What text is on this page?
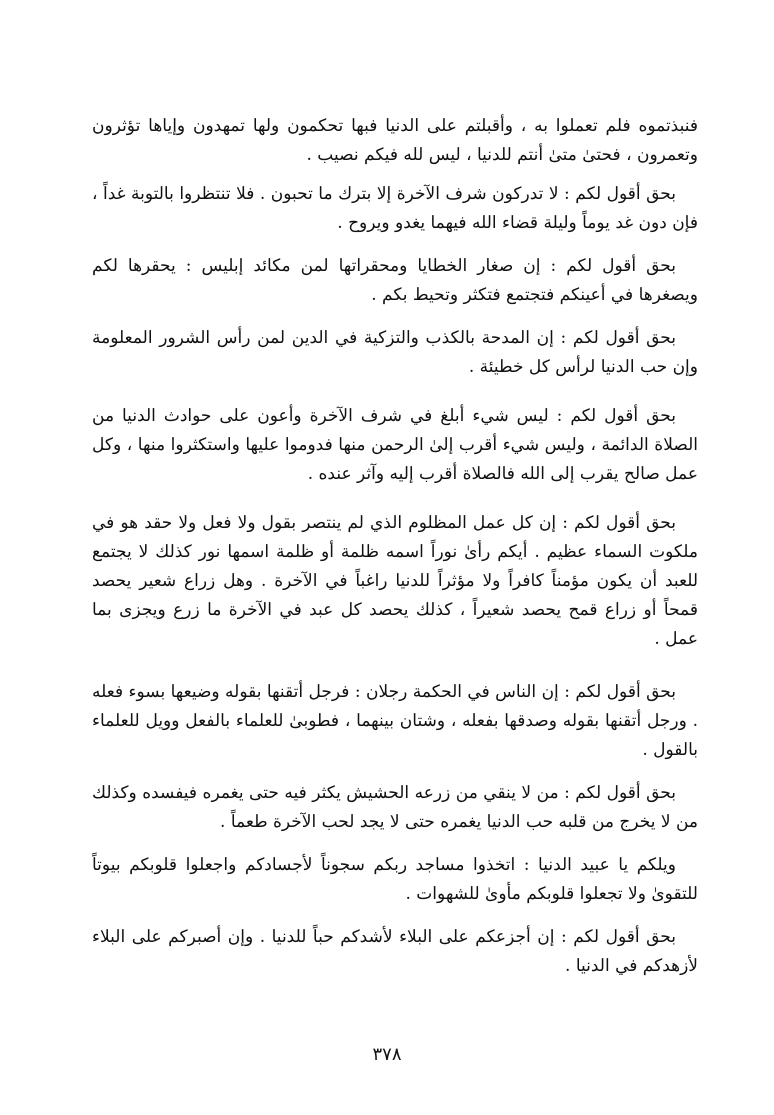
فنبذتموه فلم تعملوا به ، وأقبلتم على الدنيا فبها تحكمون ولها تمهدون وإياها تؤثرون وتعمرون ، فحتىٰ متىٰ أنتم للدنيا ، ليس لله فيكم نصيب .

بحق أقول لكم : لا تدركون شرف الآخرة إلا بترك ما تحبون . فلا تنتظروا بالتوبة غداً ، فإن دون غد يوماً وليلة قضاء الله فيهما يغدو ويروح .

بحق أقول لكم : إن صغار الخطايا ومحقراتها لمن مكائد إبليس : يحقرها لكم ويصغرها في أعينكم فتجتمع فتكثر وتحيط بكم .

بحق أقول لكم : إن المدحة بالكذب والتزكية في الدين لمن رأس الشرور المعلومة وإن حب الدنيا لرأس كل خطيئة .

بحق أقول لكم : ليس شيء أبلغ في شرف الآخرة وأعون على حوادث الدنيا من الصلاة الدائمة ، وليس شيء أقرب إلىٰ الرحمن منها فدوموا عليها واستكثروا منها ، وكل عمل صالح يقرب إلى الله فالصلاة أقرب إليه وآثر عنده .

بحق أقول لكم : إن كل عمل المظلوم الذي لم ينتصر بقول ولا فعل ولا حقد هو في ملكوت السماء عظيم . أيكم رأىٰ نوراً اسمه ظلمة أو ظلمة اسمها نور كذلك لا يجتمع للعبد أن يكون مؤمناً كافراً ولا مؤثراً للدنيا راغباً في الآخرة . وهل زراع شعير يحصد قمحاً أو زراع قمح يحصد شعيراً ، كذلك يحصد كل عبد في الآخرة ما زرع ويجزى بما عمل .

بحق أقول لكم : إن الناس في الحكمة رجلان : فرجل أتقنها بقوله وضيعها بسوء فعله . ورجل أتقنها بقوله وصدقها بفعله ، وشتان بينهما ، فطوبىٰ للعلماء بالفعل وويل للعلماء بالقول .

بحق أقول لكم : من لا ينقي من زرعه الحشيش يكثر فيه حتى يغمره فيفسده وكذلك من لا يخرج من قلبه حب الدنيا يغمره حتى لا يجد لحب الآخرة طعماً .

ويلكم يا عبيد الدنيا : اتخذوا مساجد ربكم سجوناً لأجسادكم واجعلوا قلوبكم بيوتاً للتقوىٰ ولا تجعلوا قلوبكم مأوىٰ للشهوات .

بحق أقول لكم : إن أجزعكم على البلاء لأشدكم حباً للدنيا . وإن أصبركم على البلاء لأزهدكم في الدنيا .

٣٧٨
